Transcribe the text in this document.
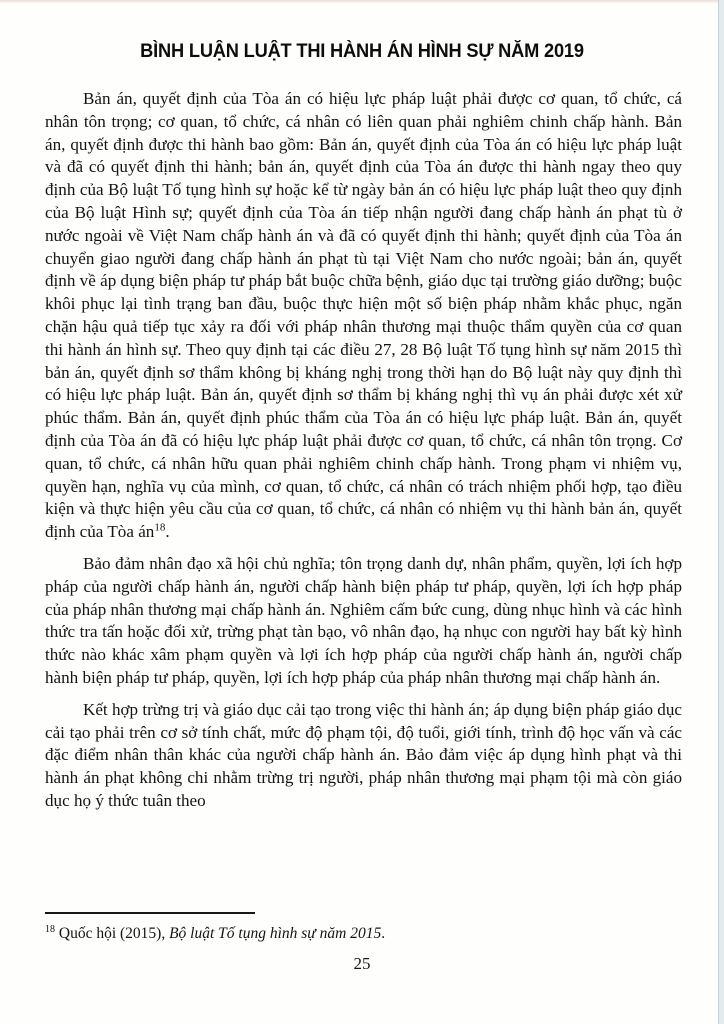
BÌNH LUẬN LUẬT THI HÀNH ÁN HÌNH SỰ NĂM 2019

Bản án, quyết định của Tòa án có hiệu lực pháp luật phải được cơ quan, tổ chức, cá nhân tôn trọng; cơ quan, tổ chức, cá nhân có liên quan phải nghiêm chinh chấp hành. Bản án, quyết định được thi hành bao gồm: Bản án, quyết định của Tòa án có hiệu lực pháp luật và đã có quyết định thi hành; bản án, quyết định của Tòa án được thi hành ngay theo quy định của Bộ luật Tố tụng hình sự hoặc kể từ ngày bản án có hiệu lực pháp luật theo quy định của Bộ luật Hình sự; quyết định của Tòa án tiếp nhận người đang chấp hành án phạt tù ở nước ngoài về Việt Nam chấp hành án và đã có quyết định thi hành; quyết định của Tòa án chuyển giao người đang chấp hành án phạt tù tại Việt Nam cho nước ngoài; bản án, quyết định về áp dụng biện pháp tư pháp bắt buộc chữa bệnh, giáo dục tại trường giáo dưỡng; buộc khôi phục lại tình trạng ban đầu, buộc thực hiện một số biện pháp nhằm khắc phục, ngăn chặn hậu quả tiếp tục xảy ra đối với pháp nhân thương mại thuộc thẩm quyền của cơ quan thi hành án hình sự. Theo quy định tại các điều 27, 28 Bộ luật Tố tụng hình sự năm 2015 thì bản án, quyết định sơ thẩm không bị kháng nghị trong thời hạn do Bộ luật này quy định thì có hiệu lực pháp luật. Bản án, quyết định sơ thẩm bị kháng nghị thì vụ án phải được xét xử phúc thẩm. Bản án, quyết định phúc thẩm của Tòa án có hiệu lực pháp luật. Bản án, quyết định của Tòa án đã có hiệu lực pháp luật phải được cơ quan, tổ chức, cá nhân tôn trọng. Cơ quan, tổ chức, cá nhân hữu quan phải nghiêm chinh chấp hành. Trong phạm vi nhiệm vụ, quyền hạn, nghĩa vụ của mình, cơ quan, tổ chức, cá nhân có trách nhiệm phối hợp, tạo điều kiện và thực hiện yêu cầu của cơ quan, tổ chức, cá nhân có nhiệm vụ thi hành bản án, quyết định của Tòa $án^{18}$.

Bảo đảm nhân đạo xã hội chủ nghĩa; tôn trọng danh dự, nhân phẩm, quyền, lợi ích hợp pháp của người chấp hành án, người chấp hành biện pháp tư pháp, quyền, lợi ích hợp pháp của pháp nhân thương mại chấp hành án. Nghiêm cấm bức cung, dùng nhục hình và các hình thức tra tấn hoặc đối xử, trừng phạt tàn bạo, vô nhân đạo, hạ nhục con người hay bất kỳ hình thức nào khác xâm phạm quyền và lợi ích hợp pháp của người chấp hành án, người chấp hành biện pháp tư pháp, quyền, lợi ích hợp pháp của pháp nhân thương mại chấp hành án.

Kết hợp trừng trị và giáo dục cải tạo trong việc thi hành án; áp dụng biện pháp giáo dục cải tạo phải trên cơ sở tính chất, mức độ phạm tội, độ tuổi, giới tính, trình độ học vấn và các đặc điểm nhân thân khác của người chấp hành án. Bảo đảm việc áp dụng hình phạt và thi hành án phạt không chi nhằm trừng trị người, pháp nhân thương mại phạm tội mà còn giáo dục họ ý thức tuân theo

$^{18}$ Quốc hội (2015), Bộ luật Tố tụng hình sự năm 2015.
25
